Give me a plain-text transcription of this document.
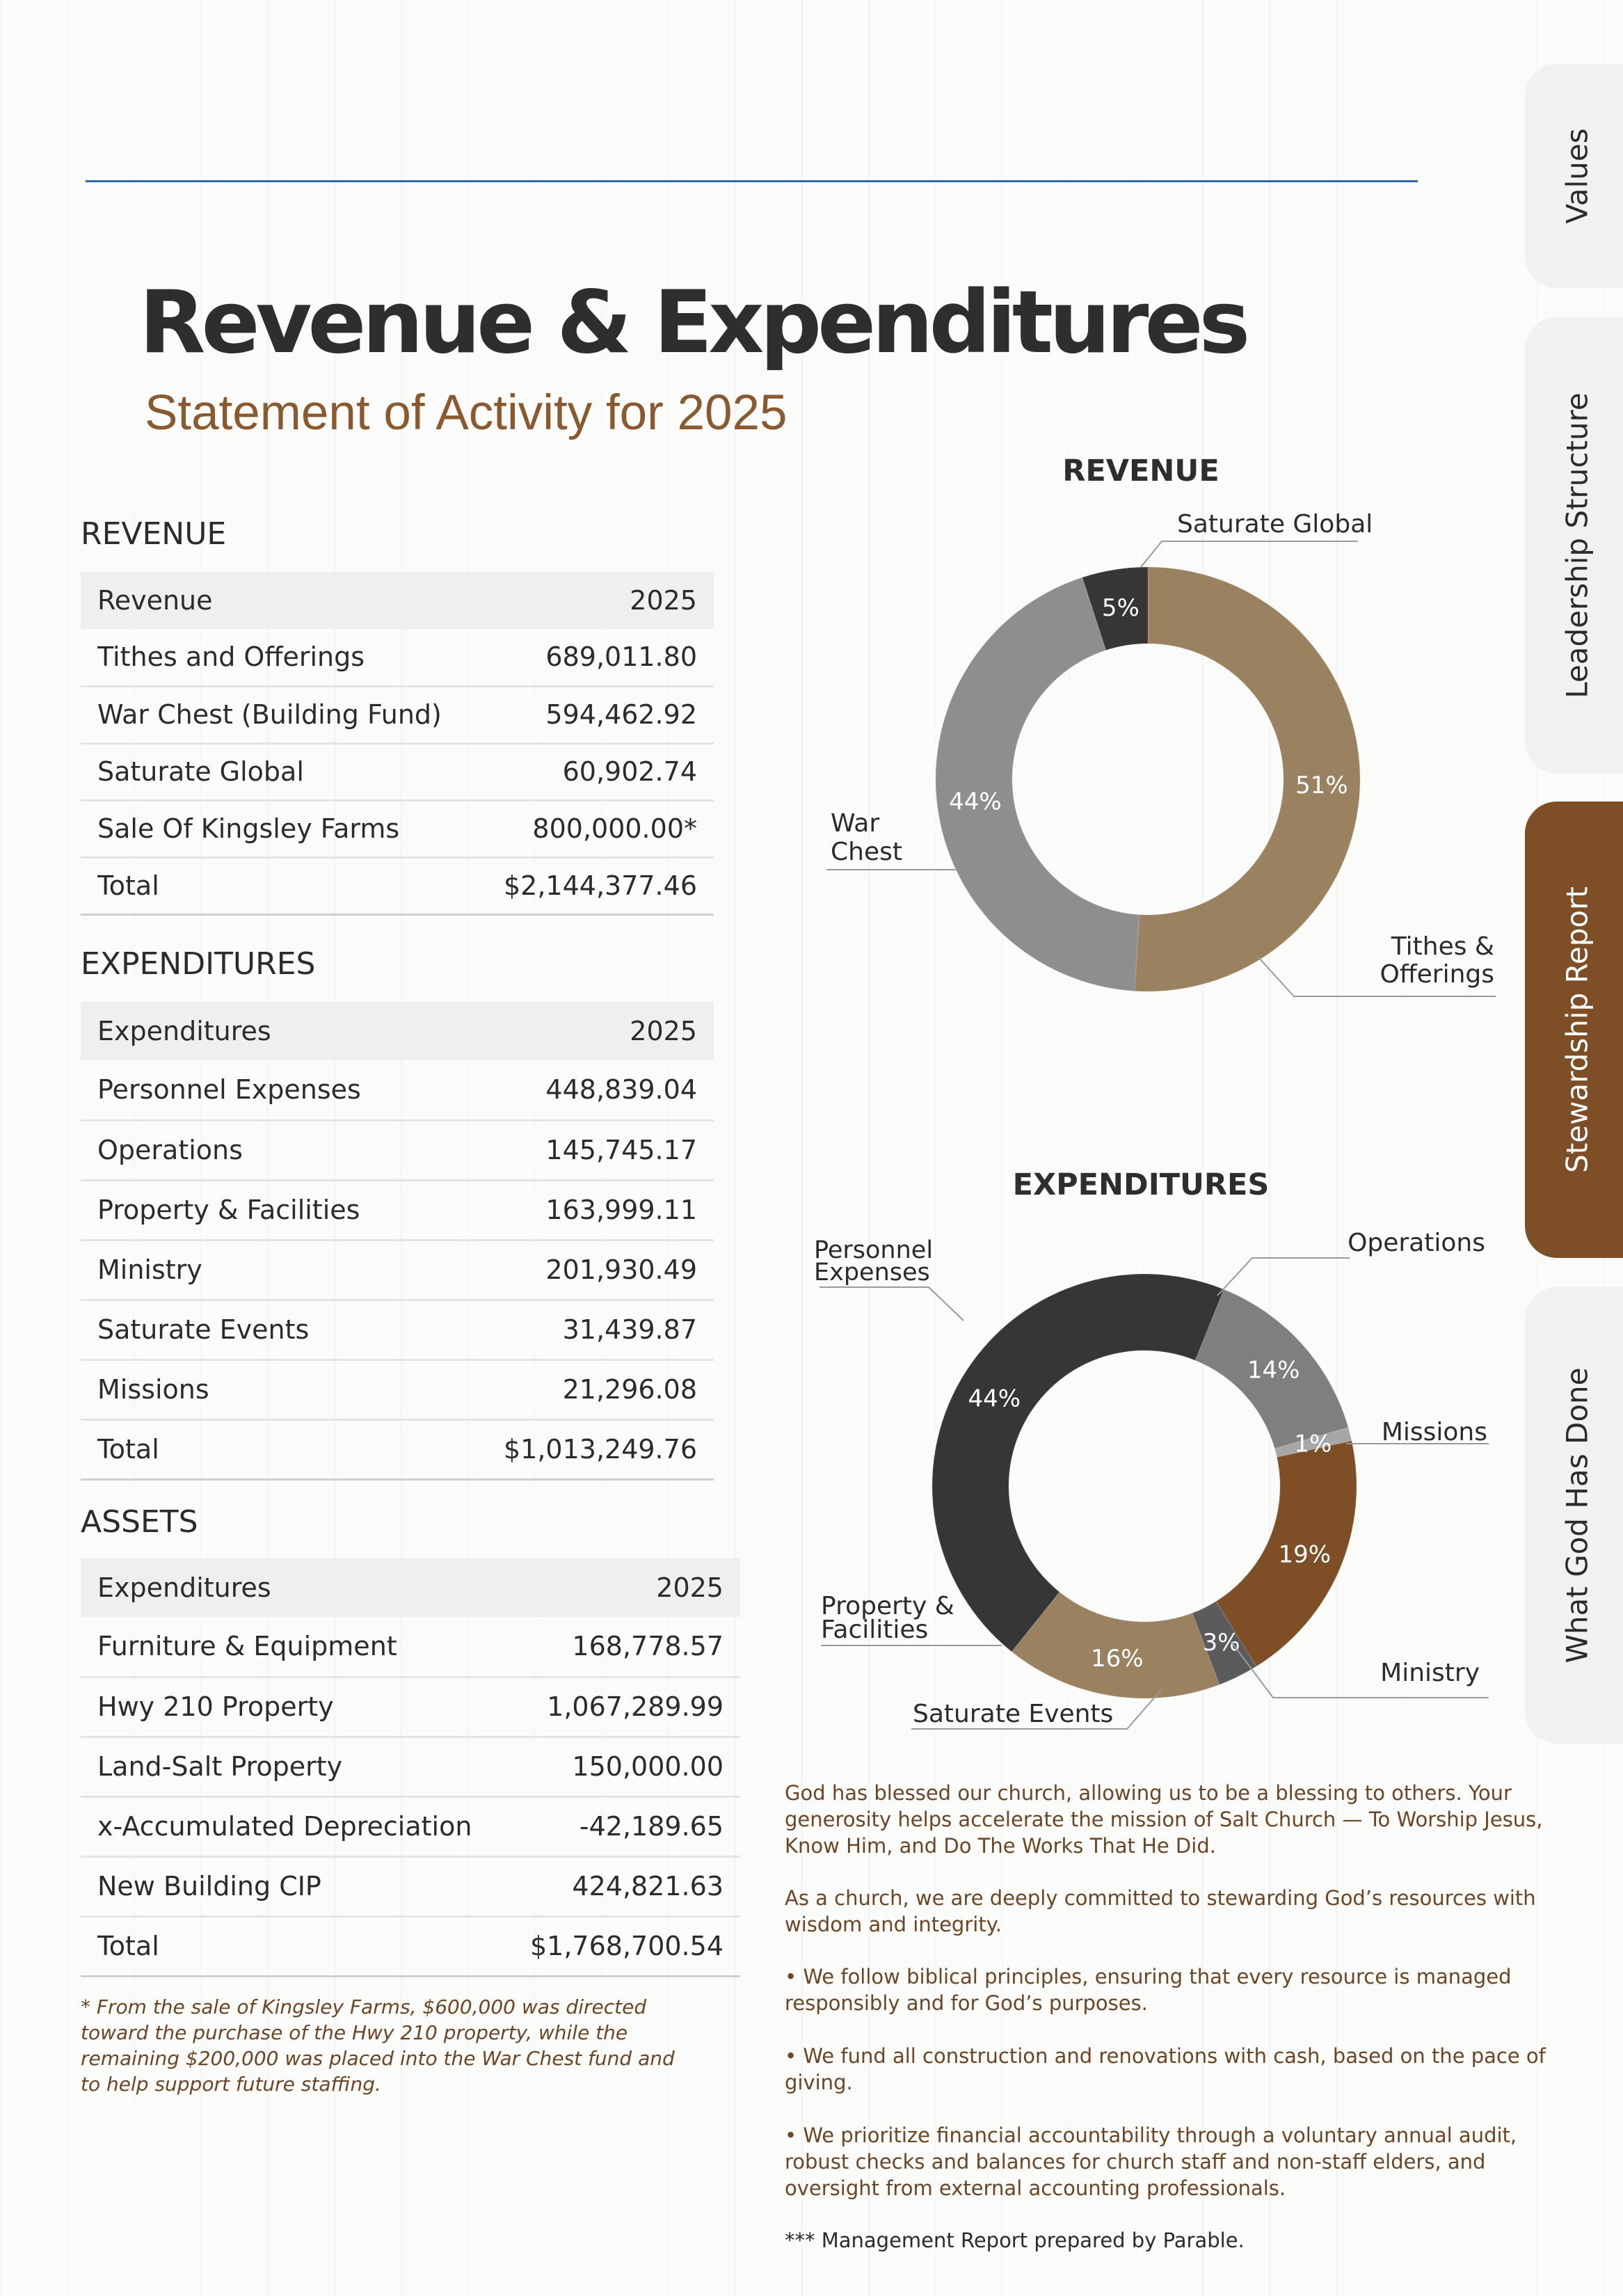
Revenue & Expenditures
Statement of Activity for 2025
REVENUE
Revenue	2025
Tithes and Offerings	689,011.80
War Chest (Building Fund)	594,462.92
Saturate Global	60,902.74
Sale Of Kingsley Farms	800,000.00*
Total	$2,144,377.46
EXPENDITURES
Expenditures	2025
Personnel Expenses	448,839.04
Operations	145,745.17
Property & Facilities	163,999.11
Ministry	201,930.49
Saturate Events	31,439.87
Missions	21,296.08
Total	$1,013,249.76
ASSETS
Expenditures	2025
Furniture & Equipment	168,778.57
Hwy 210 Property	1,067,289.99
Land-Salt Property	150,000.00
x-Accumulated Depreciation	-42,189.65
New Building CIP	424,821.63
Total	$1,768,700.54
* From the sale of Kingsley Farms, $600,000 was directed toward the purchase of the Hwy 210 property, while the remaining $200,000 was placed into the War Chest fund and to help support future staffing.
REVENUE
51%
44%
5%
Saturate Global
War
Chest
Tithes &
Offerings
EXPENDITURES
14%
1%
19%
3%
16%
44%
Personnel
Expenses
Operations
Missions
Ministry
Property &
Facilities
Saturate Events
God has blessed our church, allowing us to be a blessing to others. Your generosity helps accelerate the mission of Salt Church — To Worship Jesus, Know Him, and Do The Works That He Did.
As a church, we are deeply committed to stewarding God’s resources with wisdom and integrity.
• We follow biblical principles, ensuring that every resource is managed responsibly and for God’s purposes.
• We fund all construction and renovations with cash, based on the pace of giving.
• We prioritize financial accountability through a voluntary annual audit, robust checks and balances for church staff and non-staff elders, and oversight from external accounting professionals.
*** Management Report prepared by Parable.
Values
Leadership Structure
Stewardship Report
What God Has Done
